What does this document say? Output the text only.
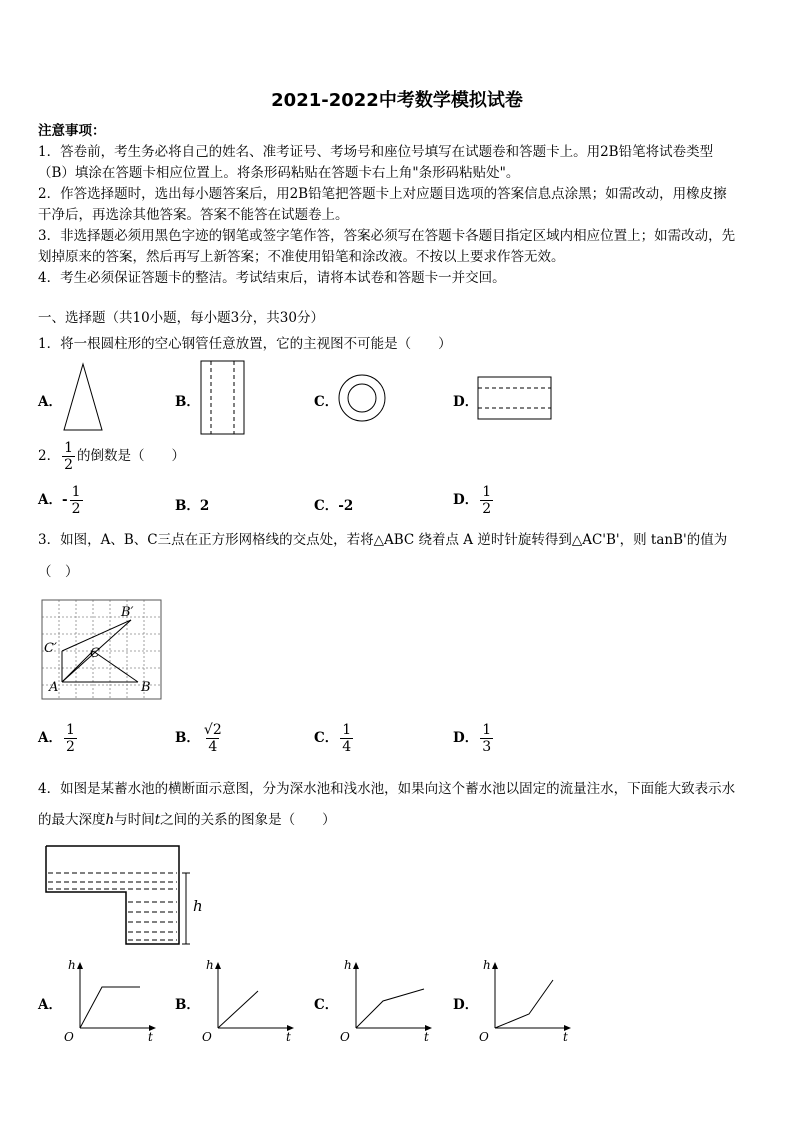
2021-2022中考数学模拟试卷
注意事项：
1．答卷前，考生务必将自己的姓名、准考证号、考场号和座位号填写在试题卷和答题卡上。用2B铅笔将试卷类型
（B）填涂在答题卡相应位置上。将条形码粘贴在答题卡右上角"条形码粘贴处"。
2．作答选择题时，选出每小题答案后，用2B铅笔把答题卡上对应题目选项的答案信息点涂黑；如需改动，用橡皮擦
干净后，再选涂其他答案。答案不能答在试题卷上。
3．非选择题必须用黑色字迹的钢笔或签字笔作答，答案必须写在答题卡各题目指定区域内相应位置上；如需改动，先
划掉原来的答案，然后再写上新答案；不准使用铅笔和涂改液。不按以上要求作答无效。
4．考生必须保证答题卡的整洁。考试结束后，请将本试卷和答题卡一并交回。
一、选择题（共10小题，每小题3分，共30分）
1．将一根圆柱形的空心钢管任意放置，它的主视图不可能是（　　）
A．	B．	C．	D．
2． $\frac{1}{2}$ 的倒数是（　　）
A．- $\frac{1}{2}$	B．2	C．-2	D． $\frac{1}{2}$
3．如图，A、B、C三点在正方形网格线的交点处，若将△ABC 绕着点 A 逆时针旋转得到△AC'B'，则 tanB'的值为
（　）
A	B
C
B′
C′
A． $\frac{1}{2}$	B． $\frac{√2}{4}$	C． $\frac{1}{4}$	D． $\frac{1}{3}$
4．如图是某蓄水池的横断面示意图，分为深水池和浅水池，如果向这个蓄水池以固定的流量注水，下面能大致表示水
的最大深度h与时间t之间的关系的图象是（　　）
h
A．
h
t
O
B．
h
t
O
C．
h
t
O
D．
h
t
O
